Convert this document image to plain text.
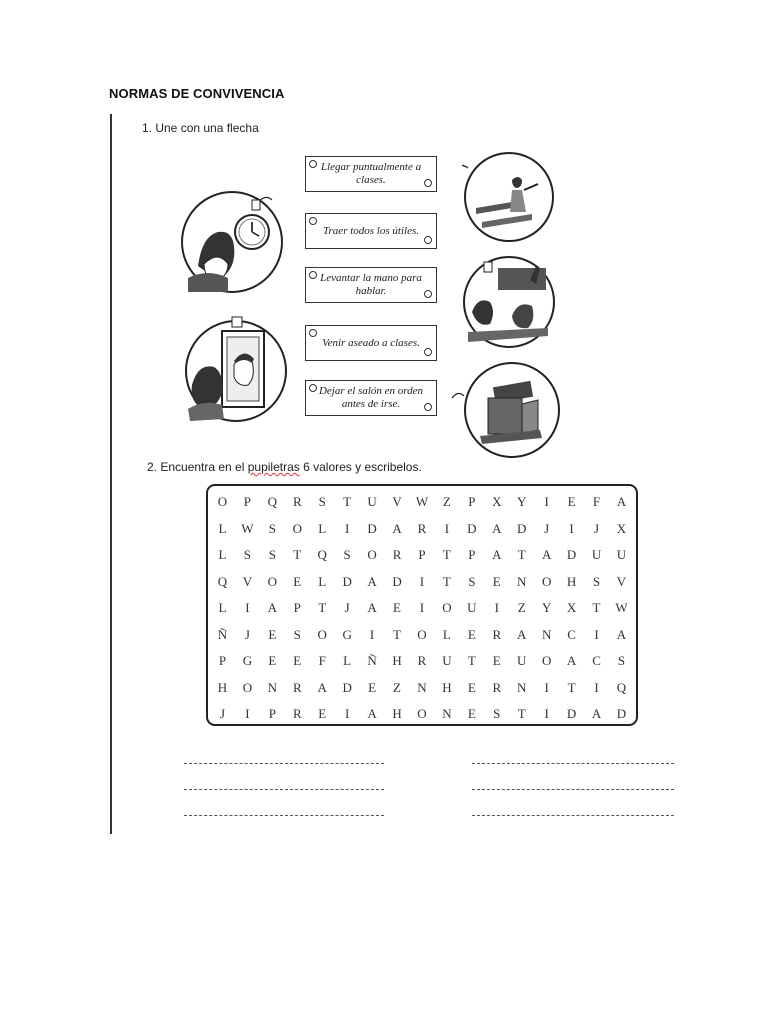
NORMAS DE CONVIVENCIA
1. Une con una flecha
2. Encuentra en el pupiletras 6 valores y escribelos.
Llegar puntualmente a clases.
Traer todos los útiles.
Levantar la mano para hablar.
Venir aseado a clases.
Dejar el salón en orden antes de irse.
O	P	Q	R	S	T	U	V	W	Z	P	X	Y	I	E	F	A
L	W	S	O	L	I	D	A	R	I	D	A	D	J	I	J	X
L	S	S	T	Q	S	O	R	P	T	P	A	T	A	D	U	U
Q	V	O	E	L	D	A	D	I	T	S	E	N	O	H	S	V
L	I	A	P	T	J	A	E	I	O	U	I	Z	Y	X	T	W
Ñ	J	E	S	O	G	I	T	O	L	E	R	A	N	C	I	A
P	G	E	E	F	L	Ñ	H	R	U	T	E	U	O	A	C	S
H	O	N	R	A	D	E	Z	N	H	E	R	N	I	T	I	Q
J	I	P	R	E	I	A	H	O	N	E	S	T	I	D	A	D
